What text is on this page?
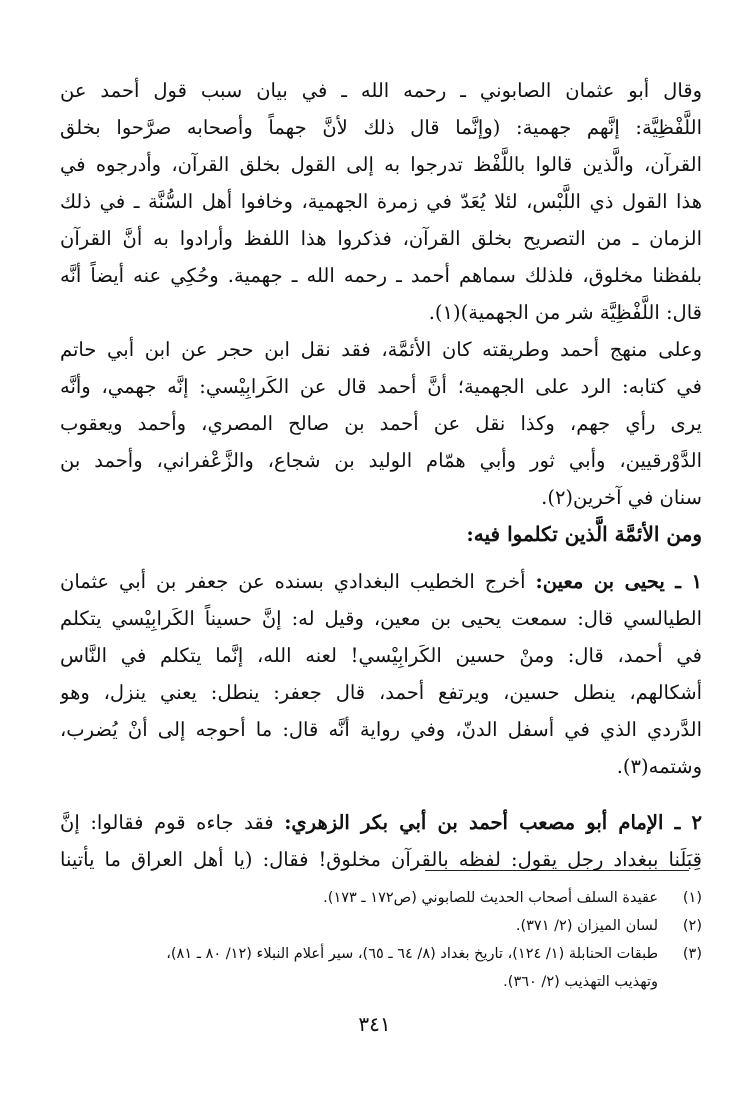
وقال أبو عثمان الصابوني ـ رحمه الله ـ في بيان سبب قول أحمد عن
اللَّفْظِيَّة: إنَّهم جهمية: (وإنَّما قال ذلك لأنَّ جهماً وأصحابه صرَّحوا بخلق
القرآن، والَّذين قالوا باللَّفْظ تدرجوا به إلى القول بخلق القرآن، وأدرجوه في
هذا القول ذي اللَّبْس، لئلا يُعَدّ في زمرة الجهمية، وخافوا أهل السُّنَّة ـ في ذلك
الزمان ـ من التصريح بخلق القرآن، فذكروا هذا اللفظ وأرادوا به أنَّ القرآن
بلفظنا مخلوق، فلذلك سماهم أحمد ـ رحمه الله ـ جهمية. وحُكِي عنه أيضاً أنَّه
قال: اللَّفْظِيَّة شر من الجهمية)(١).
وعلى منهج أحمد وطريقته كان الأئمَّة، فقد نقل ابن حجر عن ابن أبي حاتم
في كتابه: الرد على الجهمية؛ أنَّ أحمد قال عن الكَرابِيْسي: إنَّه جهمي، وأنَّه
يرى رأي جهم، وكذا نقل عن أحمد بن صالح المصري، وأحمد ويعقوب
الدَّوْرقيين، وأبي ثور وأبي همّام الوليد بن شجاع، والزَّعْفراني، وأحمد بن
سنان في آخرين(٢).
ومن الأئمَّة الَّذين تكلموا فيه:
١ ـ يحيى بن معين: أخرج الخطيب البغدادي بسنده عن جعفر بن أبي عثمان
الطيالسي قال: سمعت يحيى بن معين، وقيل له: إنَّ حسيناً الكَرابِيْسي يتكلم
في أحمد، قال: ومنْ حسين الكَرابِيْسي! لعنه الله، إنَّما يتكلم في النَّاس
أشكالهم، ينطل حسين، ويرتفع أحمد، قال جعفر: ينطل: يعني ينزل، وهو
الدَّردي الذي في أسفل الدنّ، وفي رواية أنَّه قال: ما أحوجه إلى أنْ يُضرب،
وشتمه(٣).
٢ ـ الإمام أبو مصعب أحمد بن أبي بكر الزهري: فقد جاءه قوم فقالوا: إنَّ
قِبَلَنا ببغداد رجل يقول: لفظه بالقرآن مخلوق! فقال: (يا أهل العراق ما يأتينا
(١)
عقيدة السلف أصحاب الحديث للصابوني (ص١٧٢ ـ ١٧٣).
(٢)
لسان الميزان (٢/ ٣٧١).
(٣)
طبقات الحنابلة (١/ ١٢٤)، تاريخ بغداد (٨/ ٦٤ ـ ٦٥)، سير أعلام النبلاء (١٢/ ٨٠ ـ ٨١)،
وتهذيب التهذيب (٢/ ٣٦٠).
٣٤١
